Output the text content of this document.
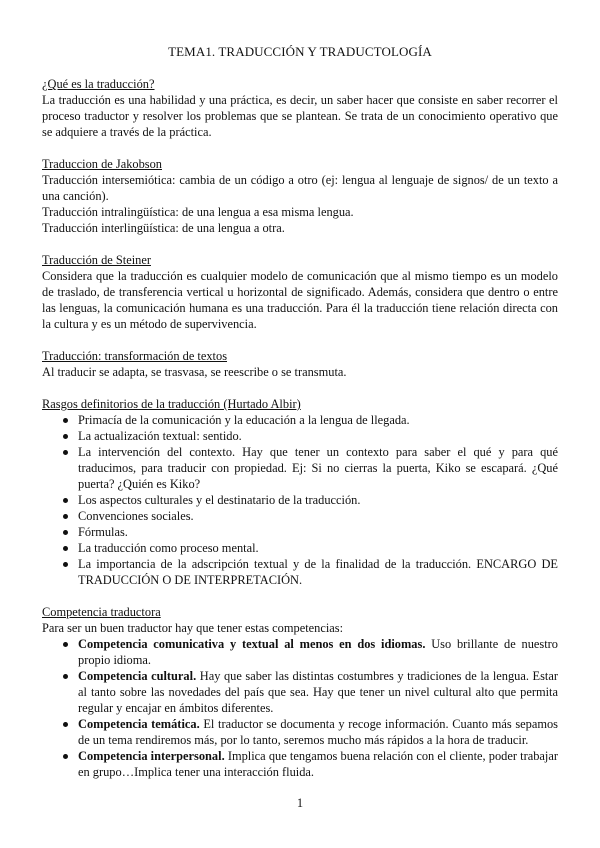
TEMA1. TRADUCCIÓN Y TRADUCTOLOGÍA
¿Qué es la traducción?

La traducción es una habilidad y una práctica, es decir, un saber hacer que consiste en saber recorrer el proceso traductor y resolver los problemas que se plantean. Se trata de un conocimiento operativo que se adquiere a través de la práctica.

Traduccion de Jakobson

Traducción intersemiótica: cambia de un código a otro (ej: lengua al lenguaje de signos/ de un texto a una canción).

Traducción intralingüística: de una lengua a esa misma lengua.

Traducción interlingüística: de una lengua a otra.

Traducción de Steiner

Considera que la traducción es cualquier modelo de comunicación que al mismo tiempo es un modelo de traslado, de transferencia vertical u horizontal de significado. Además, considera que dentro o entre las lenguas, la comunicación humana es una traducción. Para él la traducción tiene relación directa con la cultura y es un método de supervivencia.

Traducción: transformación de textos

Al traducir se adapta, se trasvasa, se reescribe o se transmuta.

Rasgos definitorios de la traducción (Hurtado Albir)
Primacía de la comunicación y la educación a la lengua de llegada.
La actualización textual: sentido.
La intervención del contexto. Hay que tener un contexto para saber el qué y para qué traducimos, para traducir con propiedad. Ej: Si no cierras la puerta, Kiko se escapará. ¿Qué puerta? ¿Quién es Kiko?
Los aspectos culturales y el destinatario de la traducción.
Convenciones sociales.
Fórmulas.
La traducción como proceso mental.
La importancia de la adscripción textual y de la finalidad de la traducción. ENCARGO DE TRADUCCIÓN O DE INTERPRETACIÓN.
Competencia traductora

Para ser un buen traductor hay que tener estas competencias:

Competencia comunicativa y textual al menos en dos idiomas. Uso brillante de nuestro propio idioma.
Competencia cultural. Hay que saber las distintas costumbres y tradiciones de la lengua. Estar al tanto sobre las novedades del país que sea. Hay que tener un nivel cultural alto que permita regular y encajar en ámbitos diferentes.
Competencia temática. El traductor se documenta y recoge información. Cuanto más sepamos de un tema rendiremos más, por lo tanto, seremos mucho más rápidos a la hora de traducir.
Competencia interpersonal. Implica que tengamos buena relación con el cliente, poder trabajar en grupo…Implica tener una interacción fluida.
1
